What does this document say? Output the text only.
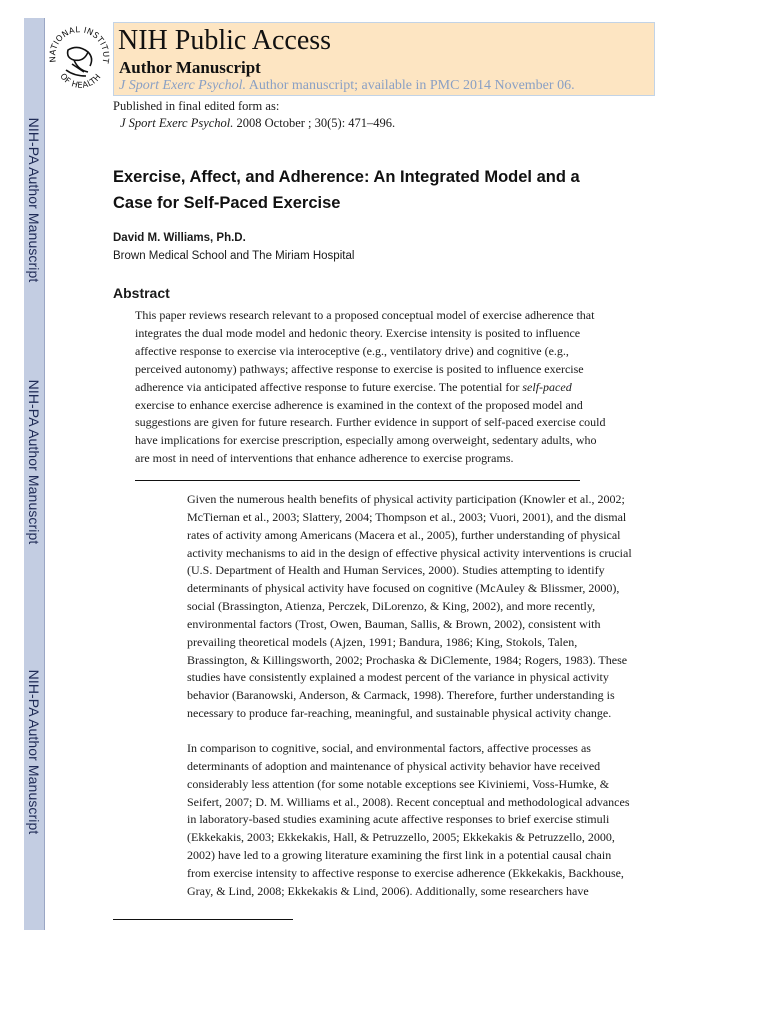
NIH-PA Author Manuscript
NIH-PA Author Manuscript
NIH-PA Author Manuscript
NATIONAL INSTITUT
OF HEALTH
NIH Public Access
Author Manuscript
J Sport Exerc Psychol. Author manuscript; available in PMC 2014 November 06.
Published in final edited form as:
J Sport Exerc Psychol. 2008 October ; 30(5): 471–496.
Exercise, Affect, and Adherence: An Integrated Model and a
Case for Self-Paced Exercise
David M. Williams, Ph.D.
Brown Medical School and The Miriam Hospital
Abstract
This paper reviews research relevant to a proposed conceptual model of exercise adherence that
integrates the dual mode model and hedonic theory. Exercise intensity is posited to influence
affective response to exercise via interoceptive (e.g., ventilatory drive) and cognitive (e.g.,
perceived autonomy) pathways; affective response to exercise is posited to influence exercise
adherence via anticipated affective response to future exercise. The potential for self-paced
exercise to enhance exercise adherence is examined in the context of the proposed model and
suggestions are given for future research. Further evidence in support of self-paced exercise could
have implications for exercise prescription, especially among overweight, sedentary adults, who
are most in need of interventions that enhance adherence to exercise programs.
Given the numerous health benefits of physical activity participation (Knowler et al., 2002;
McTiernan et al., 2003; Slattery, 2004; Thompson et al., 2003; Vuori, 2001), and the dismal
rates of activity among Americans (Macera et al., 2005), further understanding of physical
activity mechanisms to aid in the design of effective physical activity interventions is crucial
(U.S. Department of Health and Human Services, 2000). Studies attempting to identify
determinants of physical activity have focused on cognitive (McAuley & Blissmer, 2000),
social (Brassington, Atienza, Perczek, DiLorenzo, & King, 2002), and more recently,
environmental factors (Trost, Owen, Bauman, Sallis, & Brown, 2002), consistent with
prevailing theoretical models (Ajzen, 1991; Bandura, 1986; King, Stokols, Talen,
Brassington, & Killingsworth, 2002; Prochaska & DiClemente, 1984; Rogers, 1983). These
studies have consistently explained a modest percent of the variance in physical activity
behavior (Baranowski, Anderson, & Carmack, 1998). Therefore, further understanding is
necessary to produce far-reaching, meaningful, and sustainable physical activity change.
In comparison to cognitive, social, and environmental factors, affective processes as
determinants of adoption and maintenance of physical activity behavior have received
considerably less attention (for some notable exceptions see Kiviniemi, Voss-Humke, &
Seifert, 2007; D. M. Williams et al., 2008). Recent conceptual and methodological advances
in laboratory-based studies examining acute affective responses to brief exercise stimuli
(Ekkekakis, 2003; Ekkekakis, Hall, & Petruzzello, 2005; Ekkekakis & Petruzzello, 2000,
2002) have led to a growing literature examining the first link in a potential causal chain
from exercise intensity to affective response to exercise adherence (Ekkekakis, Backhouse,
Gray, & Lind, 2008; Ekkekakis & Lind, 2006). Additionally, some researchers have
